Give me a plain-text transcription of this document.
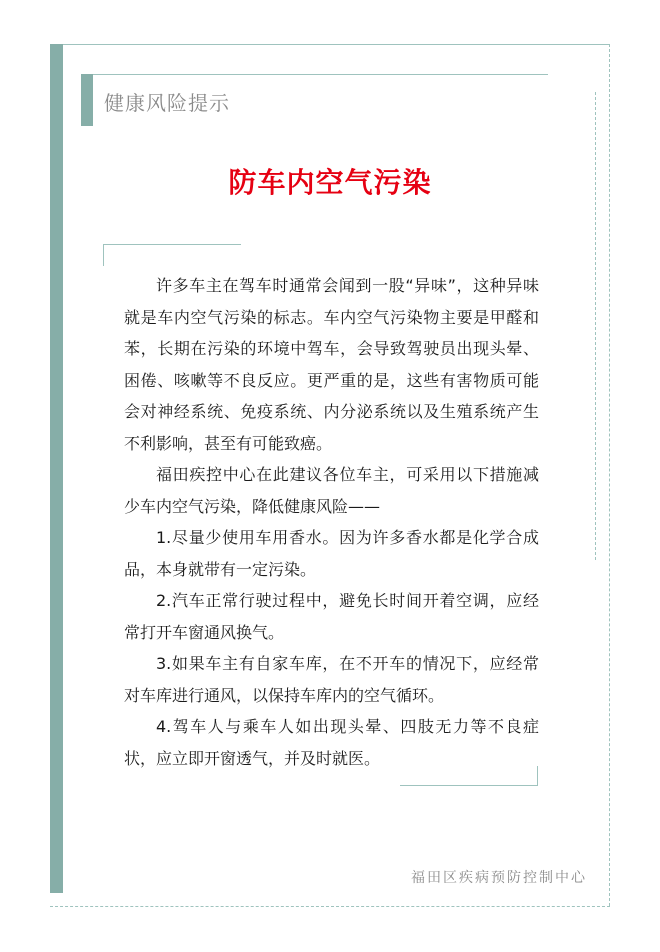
健康风险提示
防车内空气污染

许多车主在驾车时通常会闻到一股“异味”，这种异味就是车内空气污染的标志。车内空气污染物主要是甲醛和苯，长期在污染的环境中驾车，会导致驾驶员出现头晕、困倦、咳嗽等不良反应。更严重的是，这些有害物质可能会对神经系统、免疫系统、内分泌系统以及生殖系统产生不利影响，甚至有可能致癌。

福田疾控中心在此建议各位车主，可采用以下措施减少车内空气污染，降低健康风险——

1.尽量少使用车用香水。因为许多香水都是化学合成品，本身就带有一定污染。

2.汽车正常行驶过程中，避免长时间开着空调，应经常打开车窗通风换气。

3.如果车主有自家车库，在不开车的情况下，应经常对车库进行通风，以保持车库内的空气循环。

4.驾车人与乘车人如出现头晕、四肢无力等不良症状，应立即开窗透气，并及时就医。

福田区疾病预防控制中心
